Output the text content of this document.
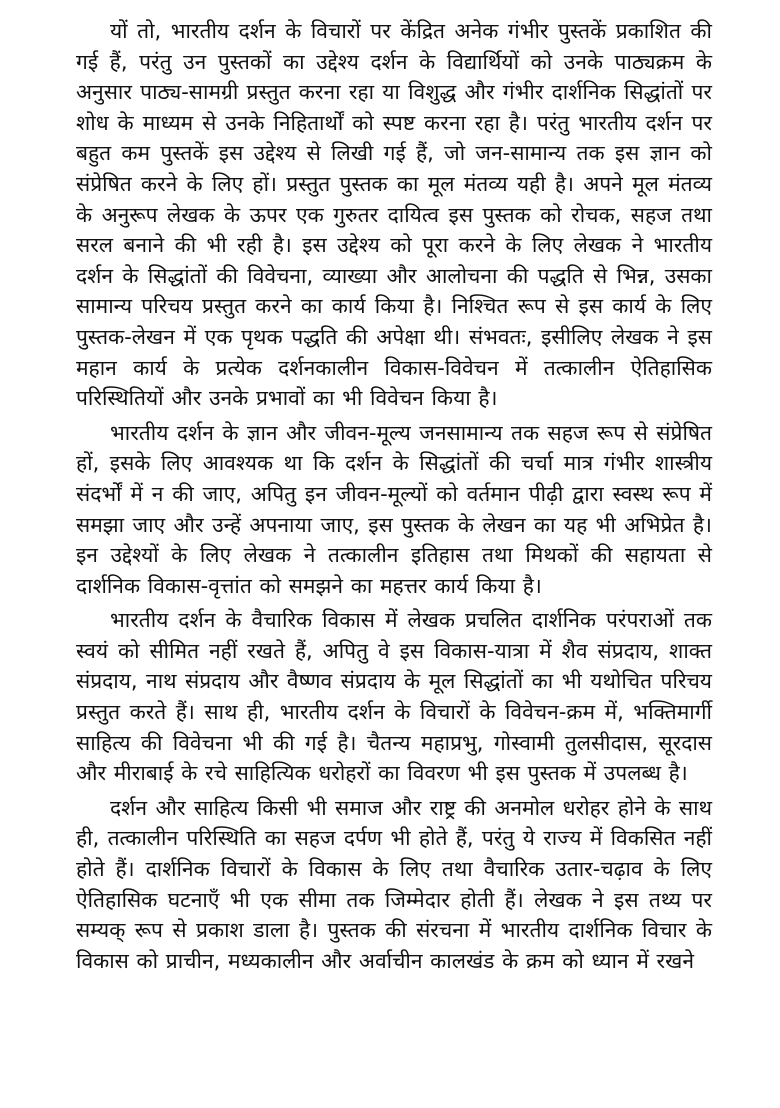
यों तो, भारतीय दर्शन के विचारों पर केंद्रित अनेक गंभीर पुस्तकें प्रकाशित की गई हैं, परंतु उन पुस्तकों का उद्देश्य दर्शन के विद्यार्थियों को उनके पाठ्यक्रम के अनुसार पाठ्य-सामग्री प्रस्तुत करना रहा या विशुद्ध और गंभीर दार्शनिक सिद्धांतों पर शोध के माध्यम से उनके निहितार्थों को स्पष्ट करना रहा है। परंतु भारतीय दर्शन पर बहुत कम पुस्तकें इस उद्देश्य से लिखी गई हैं, जो जन-सामान्य तक इस ज्ञान को संप्रेषित करने के लिए हों। प्रस्तुत पुस्तक का मूल मंतव्य यही है। अपने मूल मंतव्य के अनुरूप लेखक के ऊपर एक गुरुतर दायित्व इस पुस्तक को रोचक, सहज तथा सरल बनाने की भी रही है। इस उद्देश्य को पूरा करने के लिए लेखक ने भारतीय दर्शन के सिद्धांतों की विवेचना, व्याख्या और आलोचना की पद्धति से भिन्न, उसका सामान्य परिचय प्रस्तुत करने का कार्य किया है। निश्चित रूप से इस कार्य के लिए पुस्तक-लेखन में एक पृथक पद्धति की अपेक्षा थी। संभवतः, इसीलिए लेखक ने इस महान कार्य के प्रत्येक दर्शनकालीन विकास-विवेचन में तत्कालीन ऐतिहासिक परिस्थितियों और उनके प्रभावों का भी विवेचन किया है।

भारतीय दर्शन के ज्ञान और जीवन-मूल्य जनसामान्य तक सहज रूप से संप्रेषित हों, इसके लिए आवश्यक था कि दर्शन के सिद्धांतों की चर्चा मात्र गंभीर शास्त्रीय संदर्भों में न की जाए, अपितु इन जीवन-मूल्यों को वर्तमान पीढ़ी द्वारा स्वस्थ रूप में समझा जाए और उन्हें अपनाया जाए, इस पुस्तक के लेखन का यह भी अभिप्रेत है। इन उद्देश्यों के लिए लेखक ने तत्कालीन इतिहास तथा मिथकों की सहायता से दार्शनिक विकास-वृत्तांत को समझने का महत्तर कार्य किया है।

भारतीय दर्शन के वैचारिक विकास में लेखक प्रचलित दार्शनिक परंपराओं तक स्वयं को सीमित नहीं रखते हैं, अपितु वे इस विकास-यात्रा में शैव संप्रदाय, शाक्त संप्रदाय, नाथ संप्रदाय और वैष्णव संप्रदाय के मूल सिद्धांतों का भी यथोचित परिचय प्रस्तुत करते हैं। साथ ही, भारतीय दर्शन के विचारों के विवेचन-क्रम में, भक्तिमार्गी साहित्य की विवेचना भी की गई है। चैतन्य महाप्रभु, गोस्वामी तुलसीदास, सूरदास और मीराबाई के रचे साहित्यिक धरोहरों का विवरण भी इस पुस्तक में उपलब्ध है।

दर्शन और साहित्य किसी भी समाज और राष्ट्र की अनमोल धरोहर होने के साथ ही, तत्कालीन परिस्थिति का सहज दर्पण भी होते हैं, परंतु ये राज्य में विकसित नहीं होते हैं। दार्शनिक विचारों के विकास के लिए तथा वैचारिक उतार-चढ़ाव के लिए ऐतिहासिक घटनाएँ भी एक सीमा तक जिम्मेदार होती हैं। लेखक ने इस तथ्य पर सम्यक् रूप से प्रकाश डाला है। पुस्तक की संरचना में भारतीय दार्शनिक विचार के विकास को प्राचीन, मध्यकालीन और अर्वाचीन कालखंड के क्रम को ध्यान में रखने
